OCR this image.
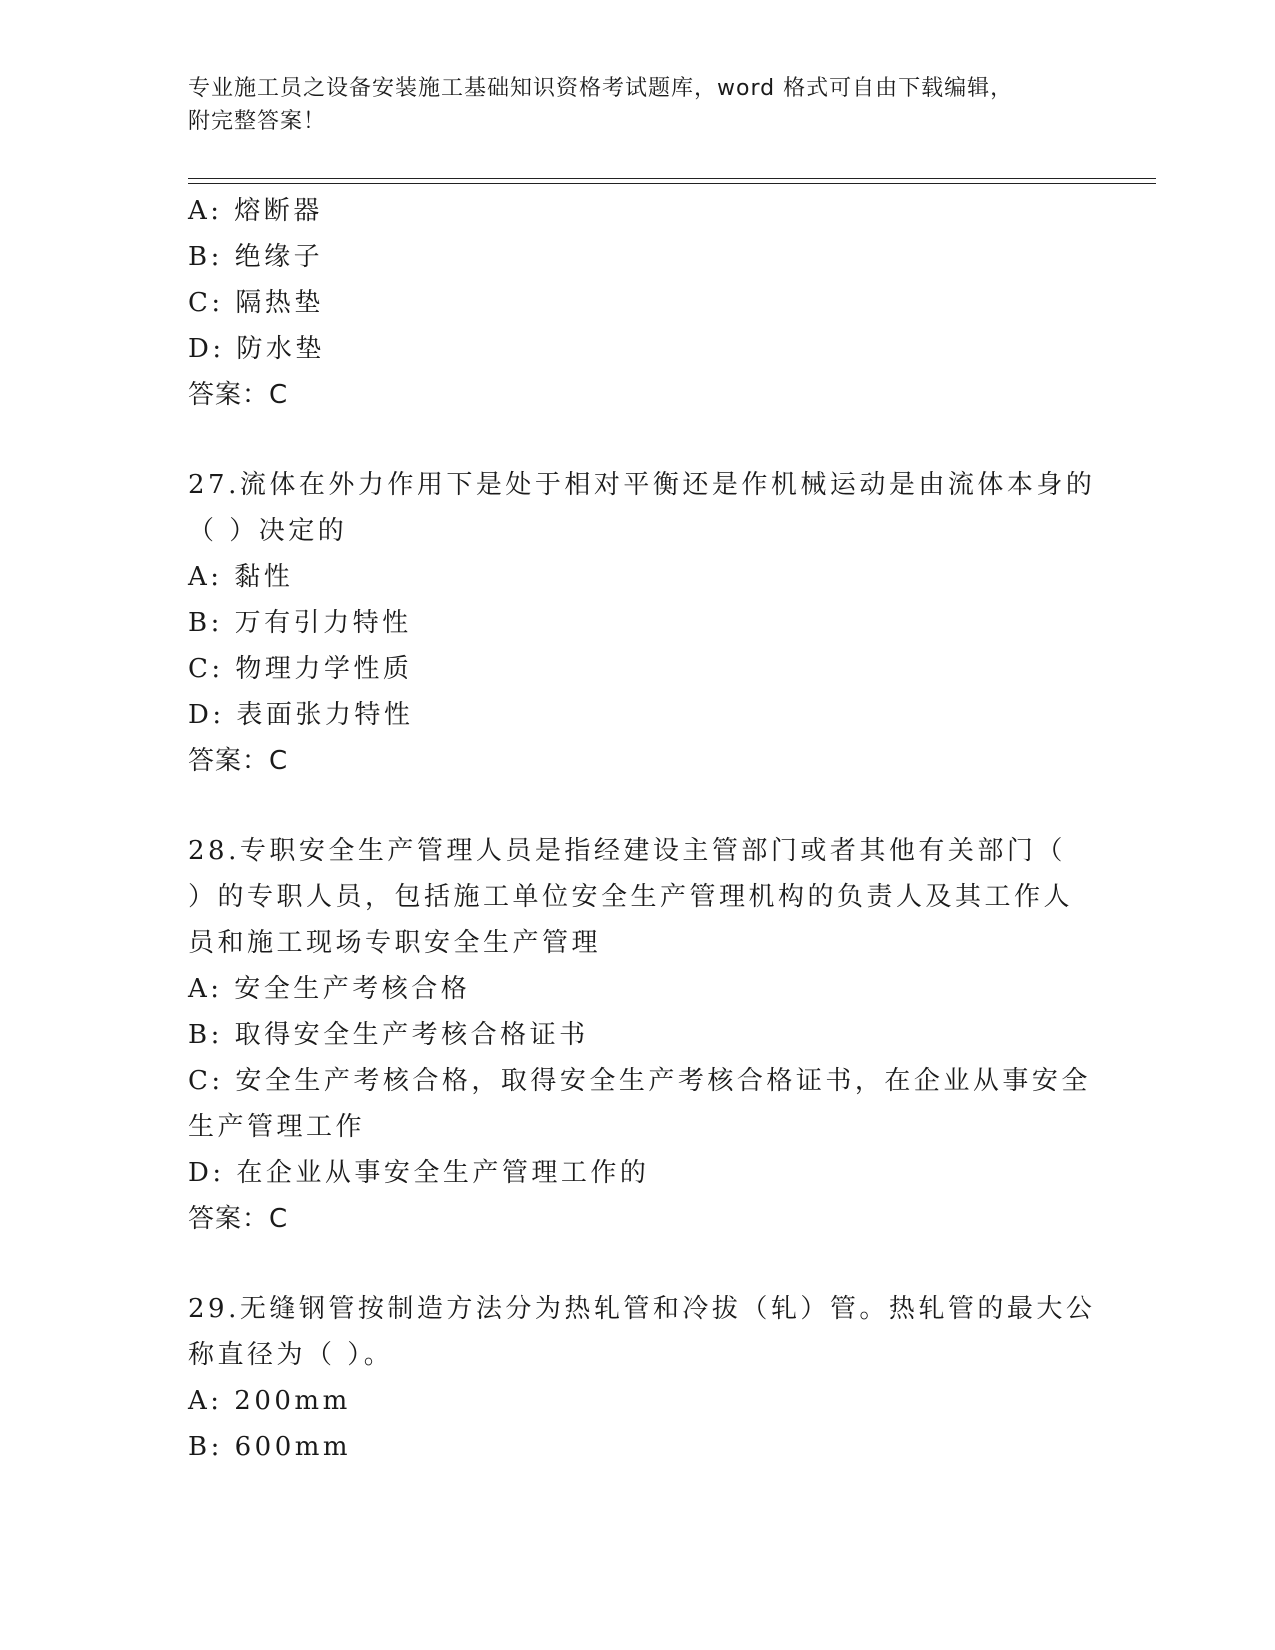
专业施工员之设备安装施工基础知识资格考试题库，word 格式可自由下载编辑，
附完整答案！
A: 熔断器
B: 绝缘子
C: 隔热垫
D: 防水垫
答案：C
27.流体在外力作用下是处于相对平衡还是作机械运动是由流体本身的
（ ）决定的
A: 黏性
B: 万有引力特性
C: 物理力学性质
D: 表面张力特性
答案：C
28.专职安全生产管理人员是指经建设主管部门或者其他有关部门（
）的专职人员，包括施工单位安全生产管理机构的负责人及其工作人
员和施工现场专职安全生产管理
A: 安全生产考核合格
B: 取得安全生产考核合格证书
C: 安全生产考核合格，取得安全生产考核合格证书，在企业从事安全
生产管理工作
D: 在企业从事安全生产管理工作的
答案：C
29.无缝钢管按制造方法分为热轧管和冷拔（轧）管。热轧管的最大公
称直径为（ ）。
A: 200mm
B: 600mm
